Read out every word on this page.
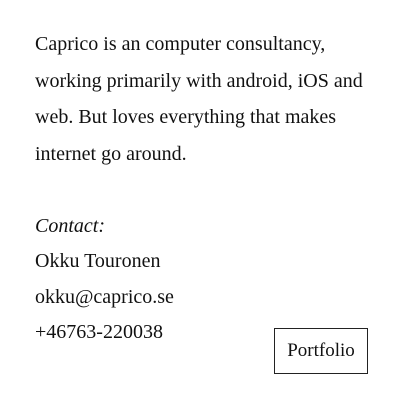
Caprico is an computer consultancy, working primarily with android, iOS and web. But loves everything that makes internet go around.

Contact:

Okku Touronen

okku@caprico.se

+46763-220038

Portfolio
